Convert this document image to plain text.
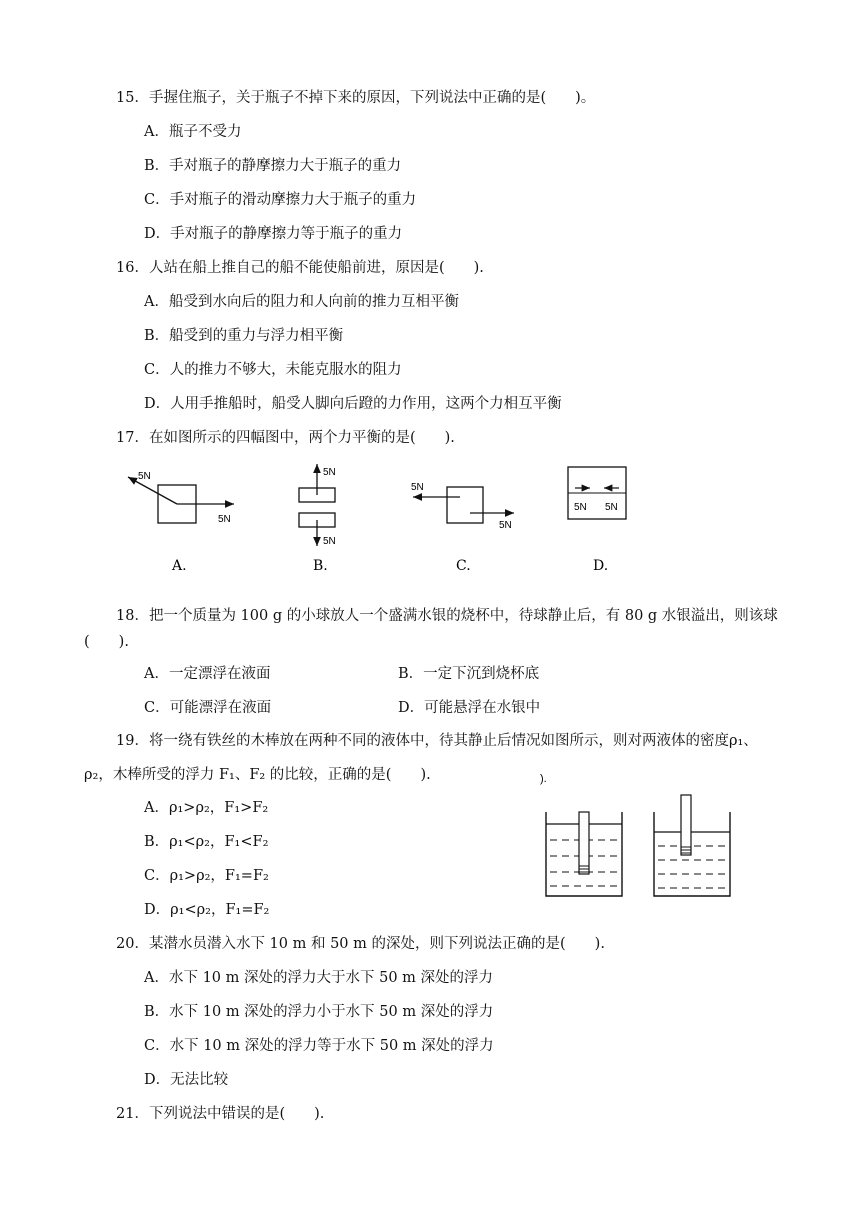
15．手握住瓶子，关于瓶子不掉下来的原因，下列说法中正确的是(　　)。
A．瓶子不受力
B．手对瓶子的静摩擦力大于瓶子的重力
C．手对瓶子的滑动摩擦力大于瓶子的重力
D．手对瓶子的静摩擦力等于瓶子的重力
16．人站在船上推自己的船不能使船前进，原因是(　　).
A．船受到水向后的阻力和人向前的推力互相平衡
B．船受到的重力与浮力相平衡
C．人的推力不够大，未能克服水的阻力
D．人用手推船时，船受人脚向后蹬的力作用，这两个力相互平衡
17．在如图所示的四幅图中，两个力平衡的是(　　).
5N
5N
A.
5N
5N
B.
5N
5N
C.
5N 5N
D.
18．把一个质量为 100 g 的小球放人一个盛满水银的烧杯中，待球静止后，有 80 g 水银溢出，则该球
(　　).
A．一定漂浮在液面	B．一定下沉到烧杯底
C．可能漂浮在液面	D．可能悬浮在水银中
19．将一绕有铁丝的木棒放在两种不同的液体中，待其静止后情况如图所示，则对两液体的密度ρ₁、
ρ₂，木棒所受的浮力 F₁、F₂ 的比较，正确的是(　　).
A．ρ₁>ρ₂，F₁>F₂
B．ρ₁<ρ₂，F₁<F₂
C．ρ₁>ρ₂，F₁=F₂
D．ρ₁<ρ₂，F₁=F₂
).
20．某潜水员潜入水下 10 m 和 50 m 的深处，则下列说法正确的是(　　).
A．水下 10 m 深处的浮力大于水下 50 m 深处的浮力
B．水下 10 m 深处的浮力小于水下 50 m 深处的浮力
C．水下 10 m 深处的浮力等于水下 50 m 深处的浮力
D．无法比较
21．下列说法中错误的是(　　).
